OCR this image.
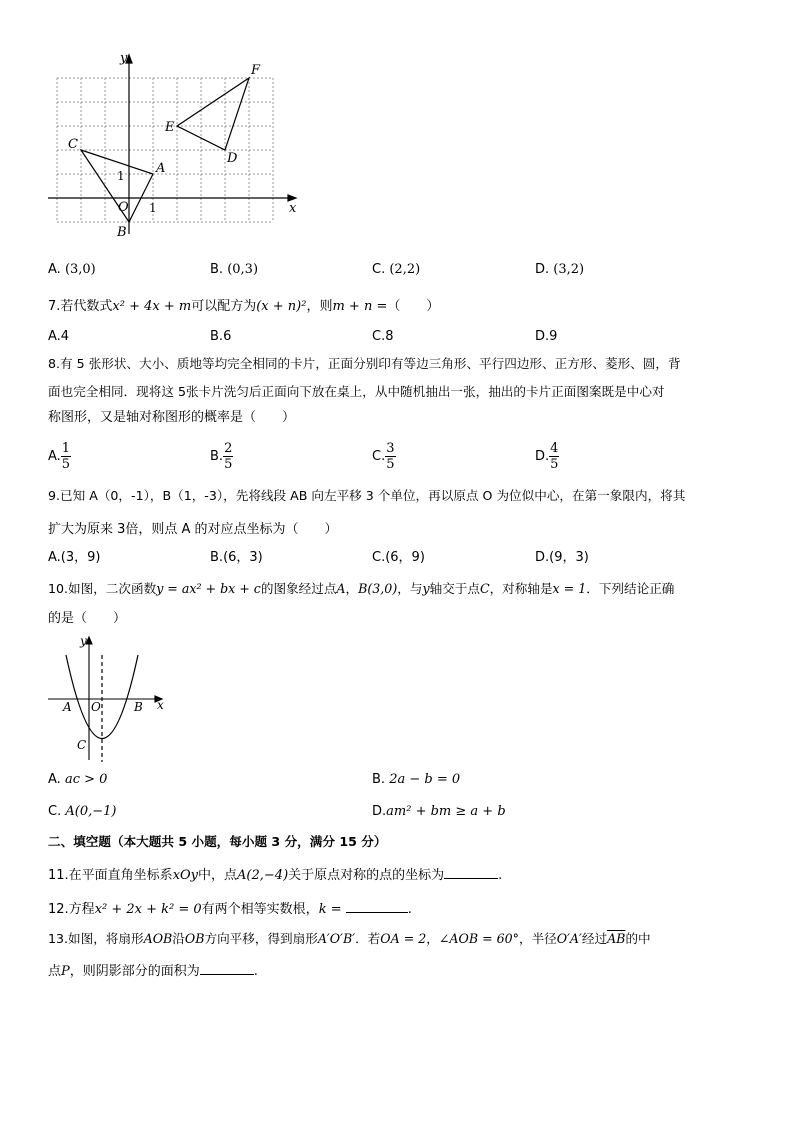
x
y
O
A
B
C
D
E
F
1
1
A. (3,0)	B. (0,3)	C. (2,2)	D. (3,2)
7.若代数式x² + 4x + m可以配方为(x + n)²，则m + n =（　　）
A.4	B.6	C.8	D.9
8.有 5 张形状、大小、质地等均完全相同的卡片，正面分别印有等边三角形、平行四边形、正方形、菱形、圆，背
面也完全相同．现将这 5张卡片洗匀后正面向下放在桌上，从中随机抽出一张，抽出的卡片正面图案既是中心对
称图形，又是轴对称图形的概率是（　　）
A. $\frac{1}{5}$	B. $\frac{2}{5}$	C. $\frac{3}{5}$	D. $\frac{4}{5}$
9.已知 A（0，-1），B（1，-3），先将线段 AB 向左平移 3 个单位，再以原点 O 为位似中心，在第一象限内，将其
扩大为原来 3倍，则点 A 的对应点坐标为（　　）
A.(3，9)	B.(6，3)	C.(6，9)	D.(9，3)
10.如图，二次函数y = ax² + bx + c的图象经过点A，B(3,0)，与y轴交于点C，对称轴是x = 1．下列结论正确
的是（　　）
x
y
A O	B
C
A. ac > 0	B. 2a − b = 0
C. A(0,−1)	D.am² + bm ≥ a + b
二、填空题（本大题共 5 小题，每小题 3 分，满分 15 分）
11.在平面直角坐标系xOy中，点A(2,−4)关于原点对称的点的坐标为	.
12.方程x² + 2x + k² = 0有两个相等实数根，k =	.
13.如图，将扇形AOB沿OB方向平移，得到扇形A′O′B′．若OA = 2，∠AOB = 60°，半径O′A′经过$\overline{AB}$的中
点P，则阴影部分的面积为	.
